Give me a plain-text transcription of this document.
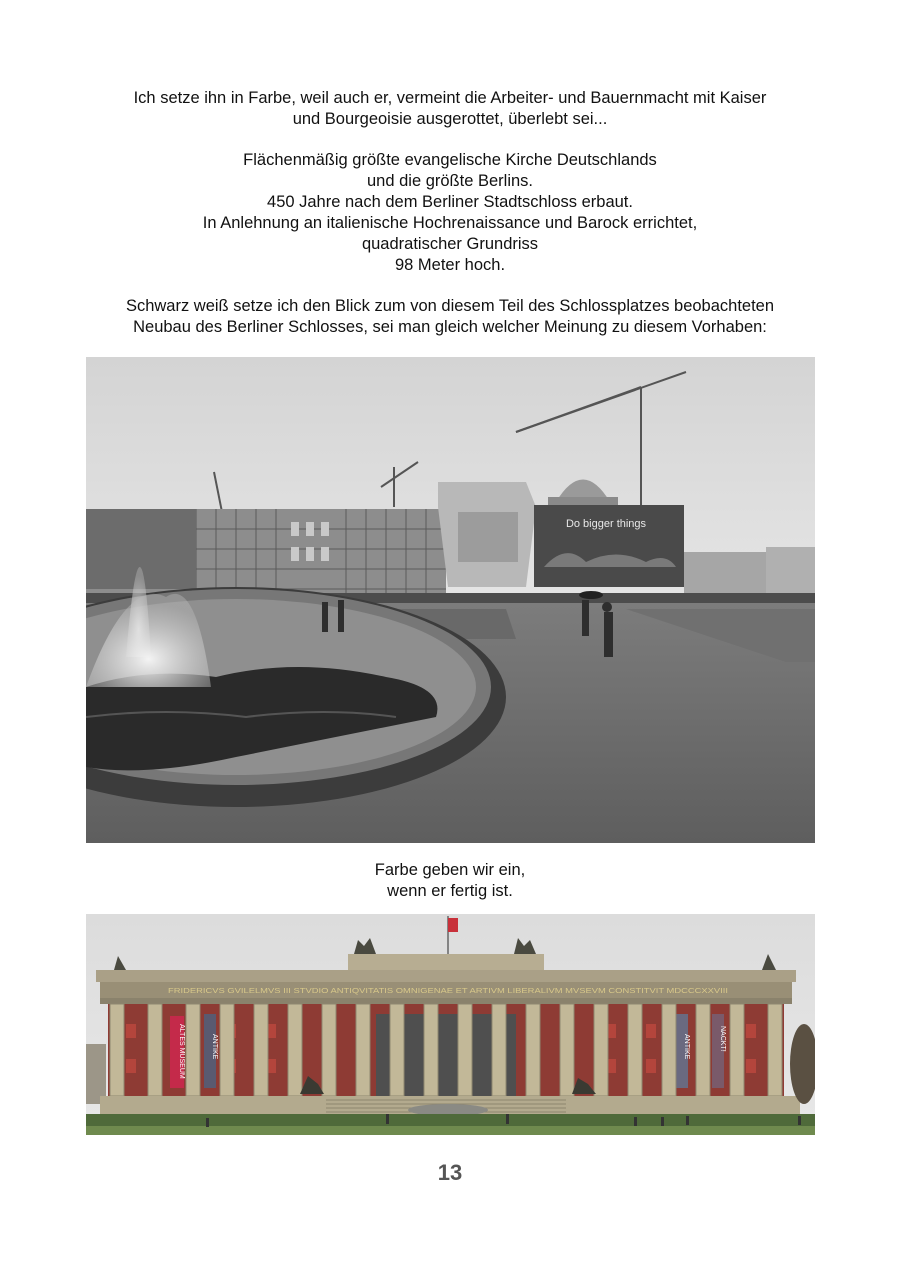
Ich setze ihn in Farbe, weil auch er, vermeint die Arbeiter- und Bauernmacht mit Kaiser
und Bourgeoisie ausgerottet, überlebt sei...
Flächenmäßig größte evangelische Kirche Deutschlands
und die größte Berlins.
450 Jahre nach dem Berliner Stadtschloss erbaut.
In Anlehnung an italienische Hochrenaissance und Barock errichtet,
quadratischer Grundriss
98 Meter hoch.
Schwarz weiß setze ich den Blick zum von diesem Teil des Schlossplatzes beobachteten
Neubau des Berliner Schlosses, sei man gleich welcher Meinung zu diesem Vorhaben:
Do bigger things
Farbe geben wir ein,
wenn er fertig ist.
FRIDERICVS GVILELMVS III STVDIO ANTIQVITATIS OMNIGENAE ET ARTIVM LIBERALIVM MVSEVM CONSTITVIT MDCCCXXVIII
ALTES MUSEUM	ANTIKE	ANTIKE	NACKT!
13
